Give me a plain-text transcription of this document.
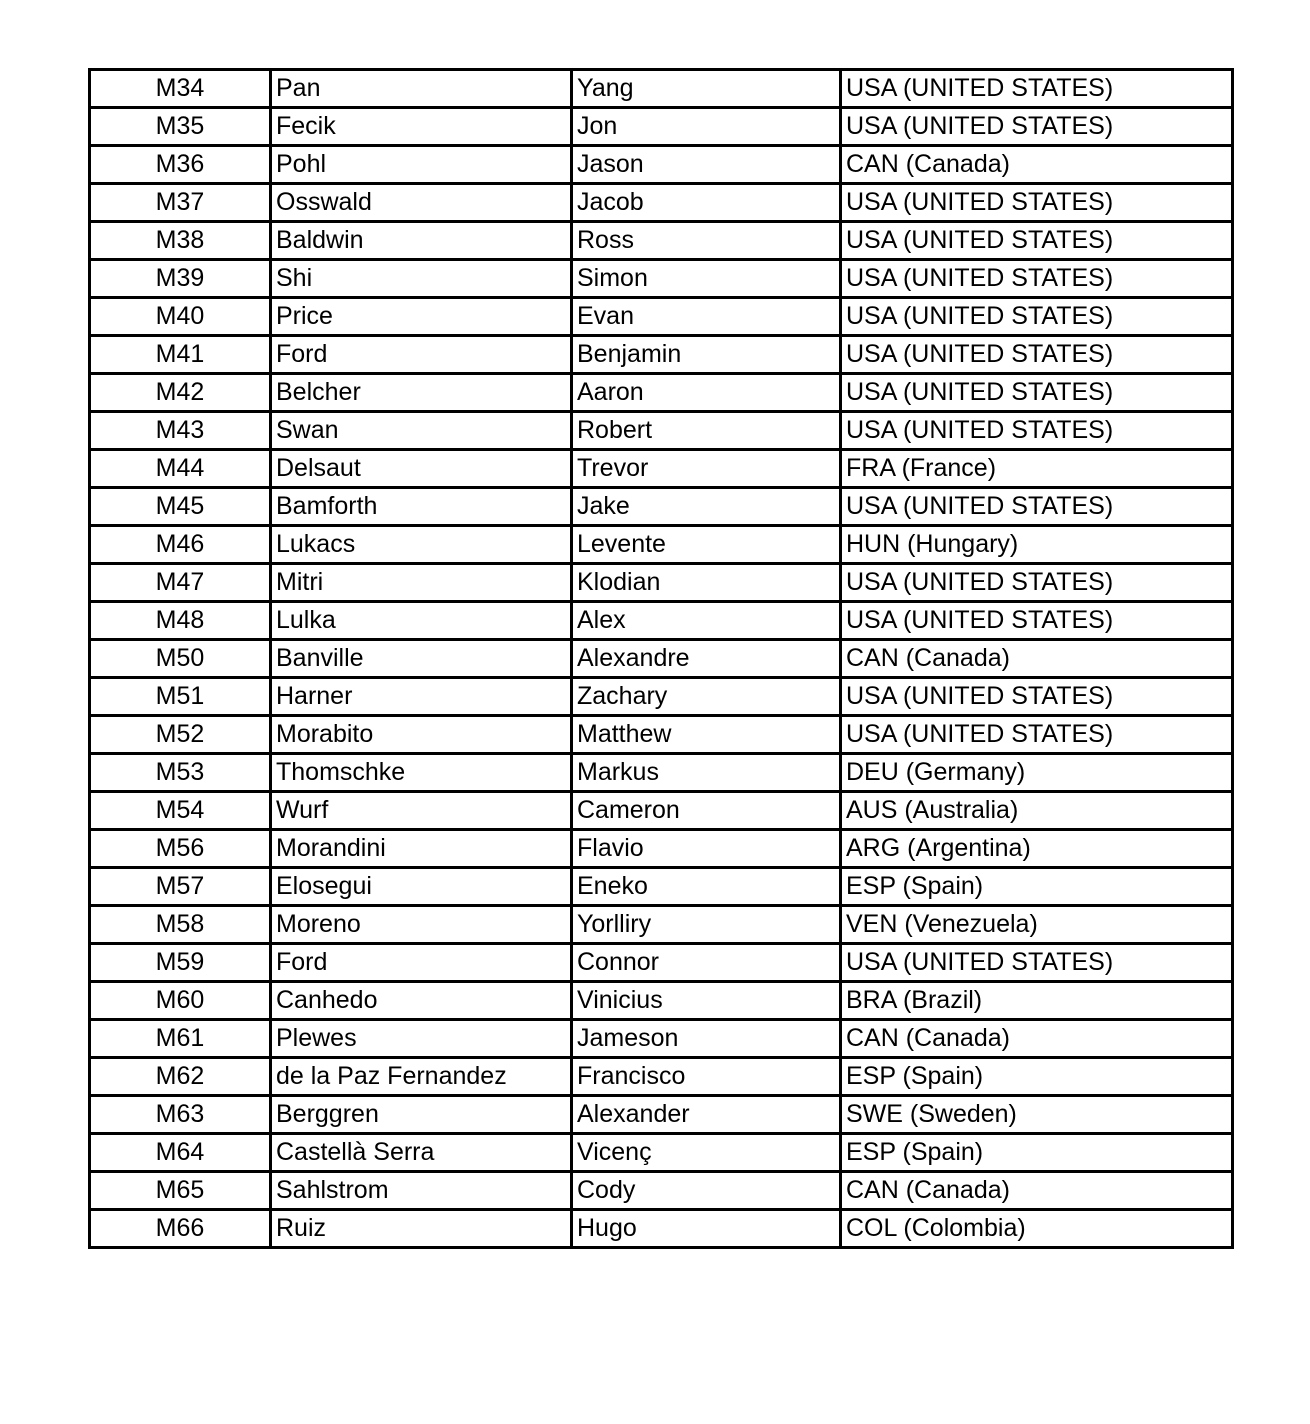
M34	Pan	Yang	USA (UNITED STATES)
M35	Fecik	Jon	USA (UNITED STATES)
M36	Pohl	Jason	CAN (Canada)
M37	Osswald	Jacob	USA (UNITED STATES)
M38	Baldwin	Ross	USA (UNITED STATES)
M39	Shi	Simon	USA (UNITED STATES)
M40	Price	Evan	USA (UNITED STATES)
M41	Ford	Benjamin	USA (UNITED STATES)
M42	Belcher	Aaron	USA (UNITED STATES)
M43	Swan	Robert	USA (UNITED STATES)
M44	Delsaut	Trevor	FRA (France)
M45	Bamforth	Jake	USA (UNITED STATES)
M46	Lukacs	Levente	HUN (Hungary)
M47	Mitri	Klodian	USA (UNITED STATES)
M48	Lulka	Alex	USA (UNITED STATES)
M50	Banville	Alexandre	CAN (Canada)
M51	Harner	Zachary	USA (UNITED STATES)
M52	Morabito	Matthew	USA (UNITED STATES)
M53	Thomschke	Markus	DEU (Germany)
M54	Wurf	Cameron	AUS (Australia)
M56	Morandini	Flavio	ARG (Argentina)
M57	Elosegui	Eneko	ESP (Spain)
M58	Moreno	Yorlliry	VEN (Venezuela)
M59	Ford	Connor	USA (UNITED STATES)
M60	Canhedo	Vinicius	BRA (Brazil)
M61	Plewes	Jameson	CAN (Canada)
M62	de la Paz Fernandez	Francisco	ESP (Spain)
M63	Berggren	Alexander	SWE (Sweden)
M64	Castellà Serra	Vicenç	ESP (Spain)
M65	Sahlstrom	Cody	CAN (Canada)
M66	Ruiz	Hugo	COL (Colombia)
